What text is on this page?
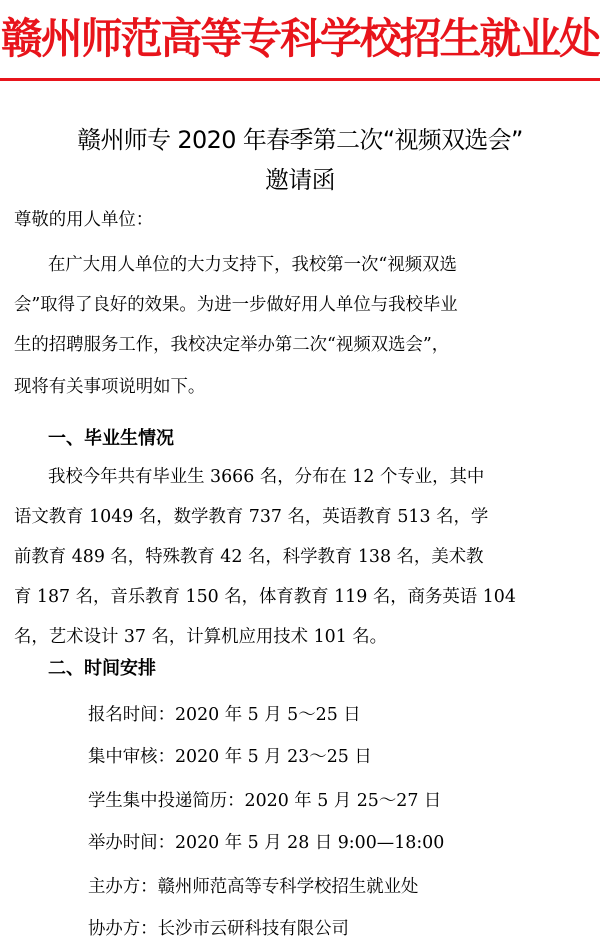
赣州师范高等专科学校招生就业处
赣州师专 2020 年春季第二次“视频双选会”
邀请函
尊敬的用人单位：
在广大用人单位的大力支持下，我校第一次“视频双选
会”取得了良好的效果。为进一步做好用人单位与我校毕业
生的招聘服务工作，我校决定举办第二次“视频双选会”，
现将有关事项说明如下。
一、毕业生情况
我校今年共有毕业生 3666 名，分布在 12 个专业，其中
语文教育 1049 名，数学教育 737 名，英语教育 513 名，学
前教育 489 名，特殊教育 42 名，科学教育 138 名，美术教
育 187 名，音乐教育 150 名，体育教育 119 名，商务英语 104
名，艺术设计 37 名，计算机应用技术 101 名。
二、时间安排
报名时间：2020 年 5 月 5～25 日
集中审核：2020 年 5 月 23～25 日
学生集中投递简历：2020 年 5 月 25～27 日
举办时间：2020 年 5 月 28 日 9:00—18:00
主办方：赣州师范高等专科学校招生就业处
协办方：长沙市云研科技有限公司
